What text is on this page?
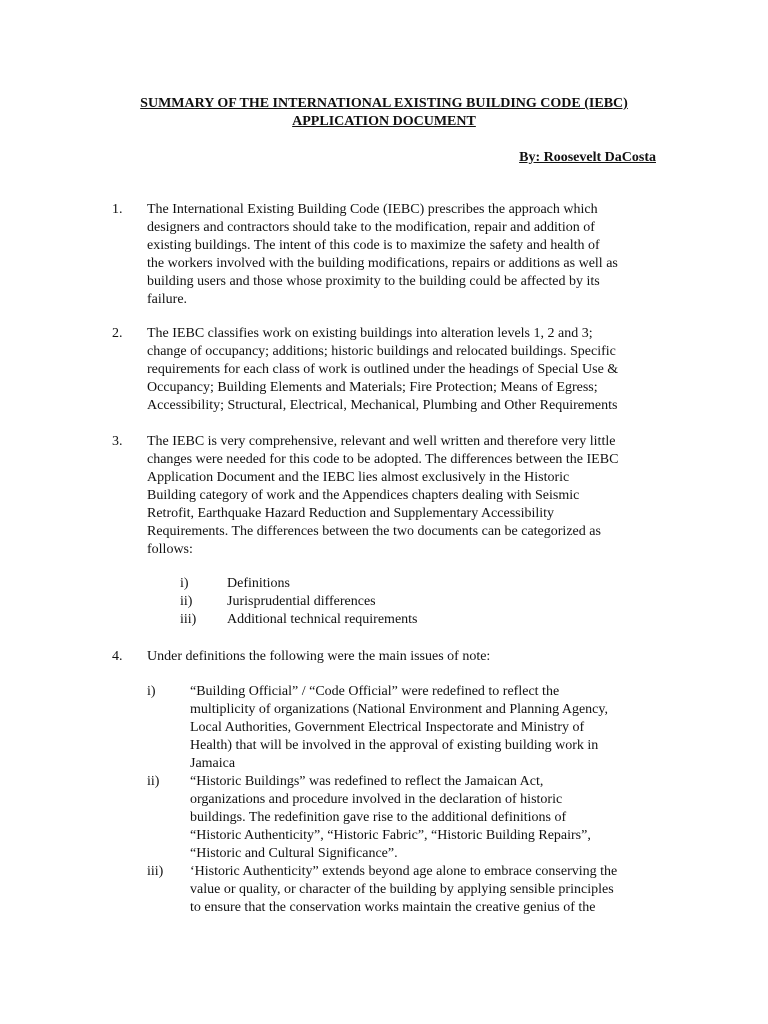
SUMMARY OF THE INTERNATIONAL EXISTING BUILDING CODE (IEBC)
APPLICATION DOCUMENT
By: Roosevelt DaCosta
1. The International Existing Building Code (IEBC) prescribes the approach which
designers and contractors should take to the modification, repair and addition of
existing buildings. The intent of this code is to maximize the safety and health of
the workers involved with the building modifications, repairs or additions as well as
building users and those whose proximity to the building could be affected by its
failure.
2. The IEBC classifies work on existing buildings into alteration levels 1, 2 and 3;
change of occupancy; additions; historic buildings and relocated buildings. Specific
requirements for each class of work is outlined under the headings of Special Use &
Occupancy; Building Elements and Materials; Fire Protection; Means of Egress;
Accessibility; Structural, Electrical, Mechanical, Plumbing and Other Requirements
3. The IEBC is very comprehensive, relevant and well written and therefore very little
changes were needed for this code to be adopted. The differences between the IEBC
Application Document and the IEBC lies almost exclusively in the Historic
Building category of work and the Appendices chapters dealing with Seismic
Retrofit, Earthquake Hazard Reduction and Supplementary Accessibility
Requirements. The differences between the two documents can be categorized as
follows:
i)	Definitions
ii) Jurisprudential differences
iii) Additional technical requirements
4. Under definitions the following were the main issues of note:
i) “Building Official” / “Code Official” were redefined to reflect the
multiplicity of organizations (National Environment and Planning Agency,
Local Authorities, Government Electrical Inspectorate and Ministry of
Health) that will be involved in the approval of existing building work in
Jamaica
ii) “Historic Buildings” was redefined to reflect the Jamaican Act,
organizations and procedure involved in the declaration of historic
buildings. The redefinition gave rise to the additional definitions of
“Historic Authenticity”, “Historic Fabric”, “Historic Building Repairs”,
“Historic and Cultural Significance”.
iii) ‘Historic Authenticity” extends beyond age alone to embrace conserving the
value or quality, or character of the building by applying sensible principles
to ensure that the conservation works maintain the creative genius of the
